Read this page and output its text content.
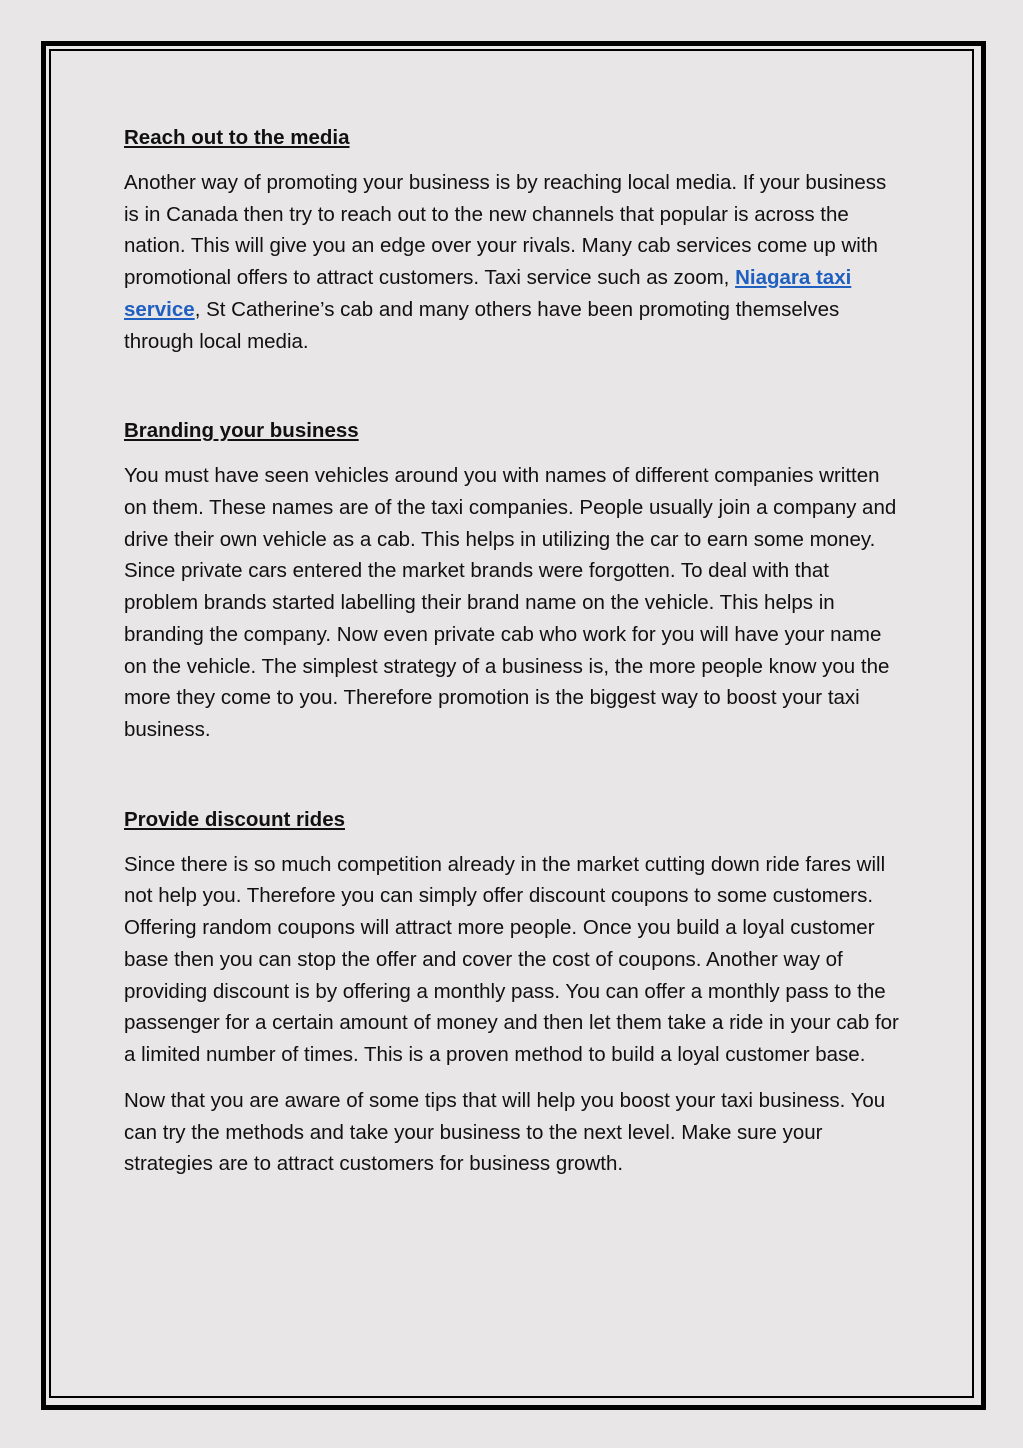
Reach out to the media

Another way of promoting your business is by reaching local media. If your business is in Canada then try to reach out to the new channels that popular is across the nation. This will give you an edge over your rivals. Many cab services come up with promotional offers to attract customers. Taxi service such as zoom, Niagara taxi service, St Catherine’s cab and many others have been promoting themselves through local media.

Branding your business

You must have seen vehicles around you with names of different companies written on them. These names are of the taxi companies. People usually join a company and drive their own vehicle as a cab. This helps in utilizing the car to earn some money. Since private cars entered the market brands were forgotten. To deal with that problem brands started labelling their brand name on the vehicle. This helps in branding the company. Now even private cab who work for you will have your name on the vehicle. The simplest strategy of a business is, the more people know you the more they come to you. Therefore promotion is the biggest way to boost your taxi business.

Provide discount rides

Since there is so much competition already in the market cutting down ride fares will not help you. Therefore you can simply offer discount coupons to some customers. Offering random coupons will attract more people. Once you build a loyal customer base then you can stop the offer and cover the cost of coupons. Another way of providing discount is by offering a monthly pass. You can offer a monthly pass to the passenger for a certain amount of money and then let them take a ride in your cab for a limited number of times. This is a proven method to build a loyal customer base.

Now that you are aware of some tips that will help you boost your taxi business. You can try the methods and take your business to the next level. Make sure your strategies are to attract customers for business growth.
